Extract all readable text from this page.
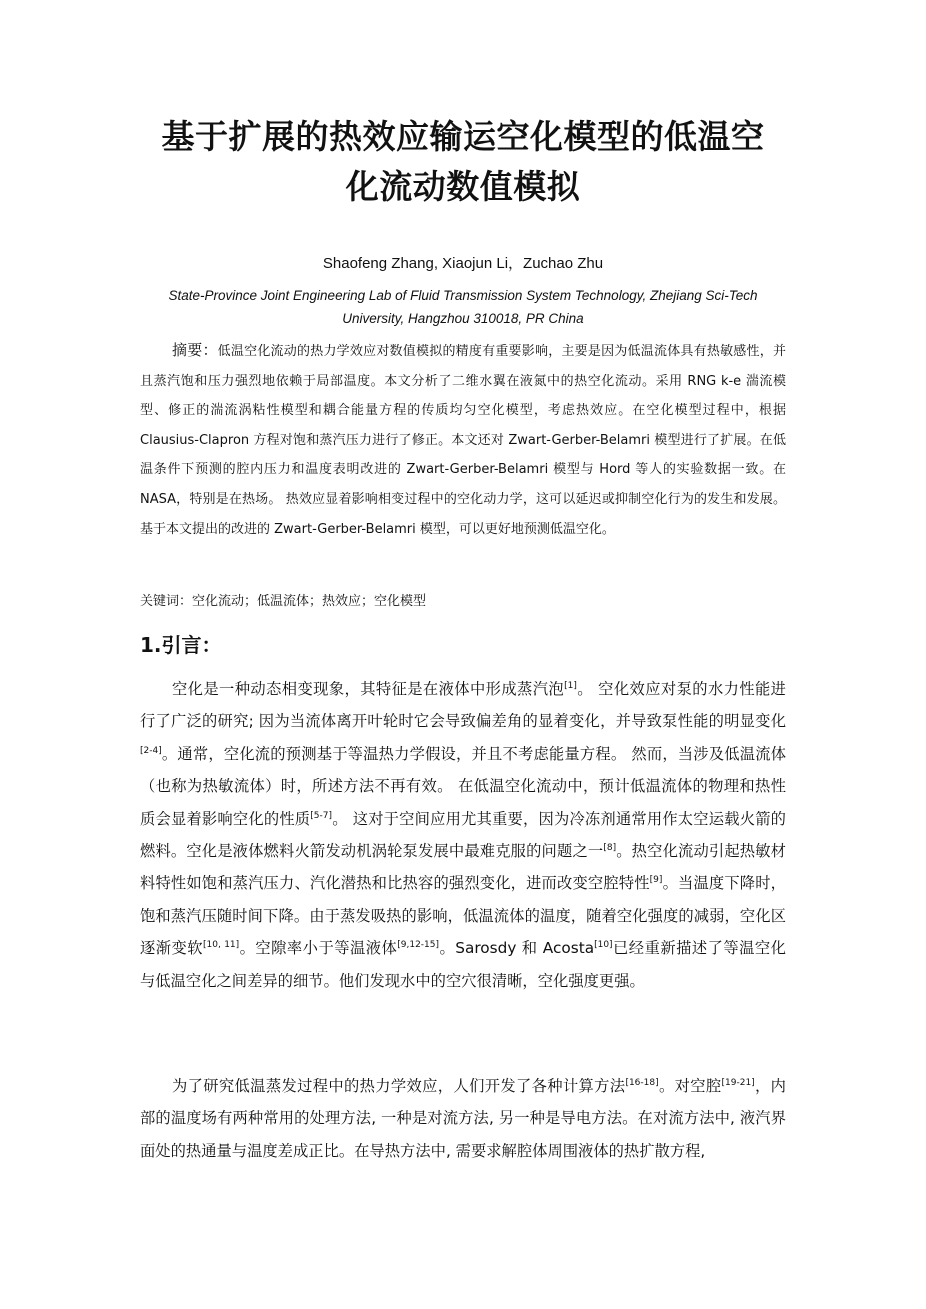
基于扩展的热效应输运空化模型的低温空
化流动数值模拟
Shaofeng Zhang, Xiaojun Li，Zuchao Zhu
State-Province Joint Engineering Lab of Fluid Transmission System Technology, Zhejiang Sci-Tech
University, Hangzhou 310018, PR China

摘要：低温空化流动的热力学效应对数值模拟的精度有重要影响，主要是因为低温流体具有热敏感性，并且蒸汽饱和压力强烈地依赖于局部温度。本文分析了二维水翼在液氮中的热空化流动。采用 RNG k-e 湍流模型、修正的湍流涡粘性模型和耦合能量方程的传质均匀空化模型，考虑热效应。在空化模型过程中，根据 Clausius-Clapron 方程对饱和蒸汽压力进行了修正。本文还对 Zwart-Gerber-Belamri 模型进行了扩展。在低温条件下预测的腔内压力和温度表明改进的 Zwart-Gerber-Belamri 模型与 Hord 等人的实验数据一致。在 NASA，特别是在热场。 热效应显着影响相变过程中的空化动力学，这可以延迟或抑制空化行为的发生和发展。 基于本文提出的改进的 Zwart-Gerber-Belamri 模型，可以更好地预测低温空化。

关键词：空化流动；低温流体；热效应；空化模型
1.引言：

空化是一种动态相变现象，其特征是在液体中形成蒸汽泡[1]。 空化效应对泵的水力性能进行了广泛的研究; 因为当流体离开叶轮时它会导致偏差角的显着变化，并导致泵性能的明显变化[2-4]。通常，空化流的预测基于等温热力学假设，并且不考虑能量方程。 然而，当涉及低温流体（也称为热敏流体）时，所述方法不再有效。 在低温空化流动中，预计低温流体的物理和热性质会显着影响空化的性质[5-7]。 这对于空间应用尤其重要，因为冷冻剂通常用作太空运载火箭的燃料。空化是液体燃料火箭发动机涡轮泵发展中最难克服的问题之一[8]。热空化流动引起热敏材料特性如饱和蒸汽压力、汽化潜热和比热容的强烈变化，进而改变空腔特性[9]。当温度下降时，饱和蒸汽压随时间下降。由于蒸发吸热的影响，低温流体的温度，随着空化强度的减弱，空化区逐渐变软[10, 11]。空隙率小于等温液体[9,12-15]。Sarosdy 和 Acosta[10]已经重新描述了等温空化与低温空化之间差异的细节。他们发现水中的空穴很清晰，空化强度更强。

为了研究低温蒸发过程中的热力学效应，人们开发了各种计算方法[16-18]。对空腔[19-21]，内部的温度场有两种常用的处理方法, 一种是对流方法, 另一种是导电方法。在对流方法中, 液汽界面处的热通量与温度差成正比。在导热方法中, 需要求解腔体周围液体的热扩散方程,
